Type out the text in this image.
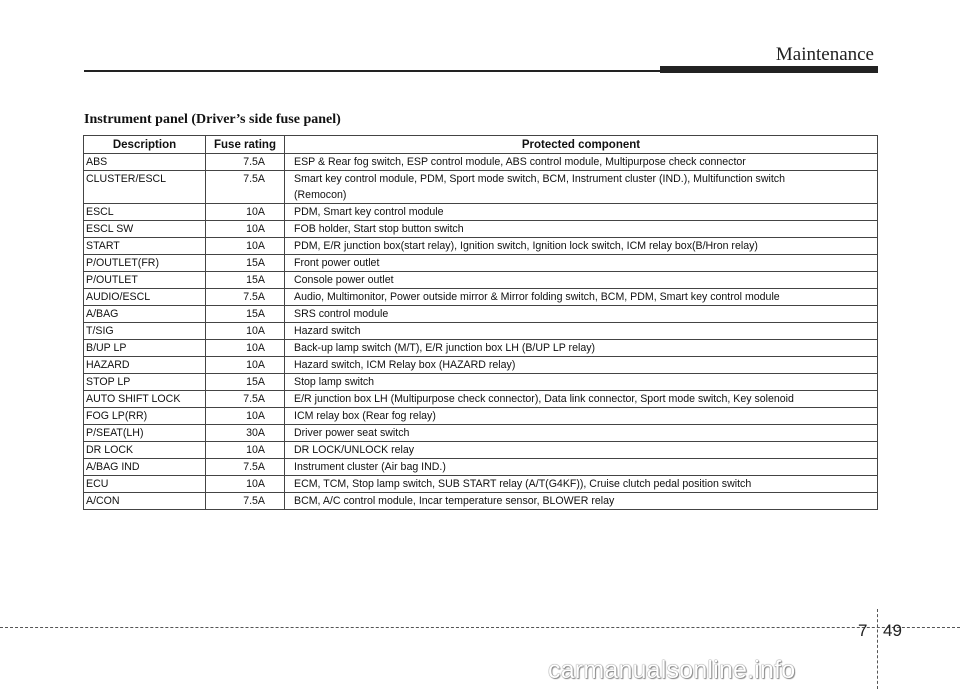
Maintenance
Instrument panel (Driver’s side fuse panel)
Description	Fuse rating	Protected component
ABS	7.5A	ESP & Rear fog switch, ESP control module, ABS control module, Multipurpose check connector

CLUSTER/ESCL	7.5A	Smart key control module, PDM, Sport mode switch, BCM, Instrument cluster (IND.), Multifunction switch
(Remocon)

ESCL	10A	PDM, Smart key control module

ESCL SW	10A	FOB holder, Start stop button switch

START	10A	PDM, E/R junction box(start relay), Ignition switch, Ignition lock switch, ICM relay box(B/Hron relay)

P/OUTLET(FR)	15A	Front power outlet

P/OUTLET	15A	Console power outlet

AUDIO/ESCL	7.5A	Audio, Multimonitor, Power outside mirror & Mirror folding switch, BCM, PDM, Smart key control module

A/BAG	15A	SRS control module

T/SIG	10A	Hazard switch

B/UP LP	10A	Back-up lamp switch (M/T), E/R junction box LH (B/UP LP relay)

HAZARD	10A	Hazard switch, ICM Relay box (HAZARD relay)

STOP LP	15A	Stop lamp switch

AUTO SHIFT LOCK	7.5A	E/R junction box LH (Multipurpose check connector), Data link connector, Sport mode switch, Key solenoid

FOG LP(RR)	10A	ICM relay box (Rear fog relay)

P/SEAT(LH)	30A	Driver power seat switch

DR LOCK	10A	DR LOCK/UNLOCK relay

A/BAG IND	7.5A	Instrument cluster (Air bag IND.)

ECU	10A	ECM, TCM, Stop lamp switch, SUB START relay (A/T(G4KF)), Cruise clutch pedal position switch

A/CON	7.5A	BCM, A/C control module, Incar temperature sensor, BLOWER relay
7 49
carmanualsonline.info
